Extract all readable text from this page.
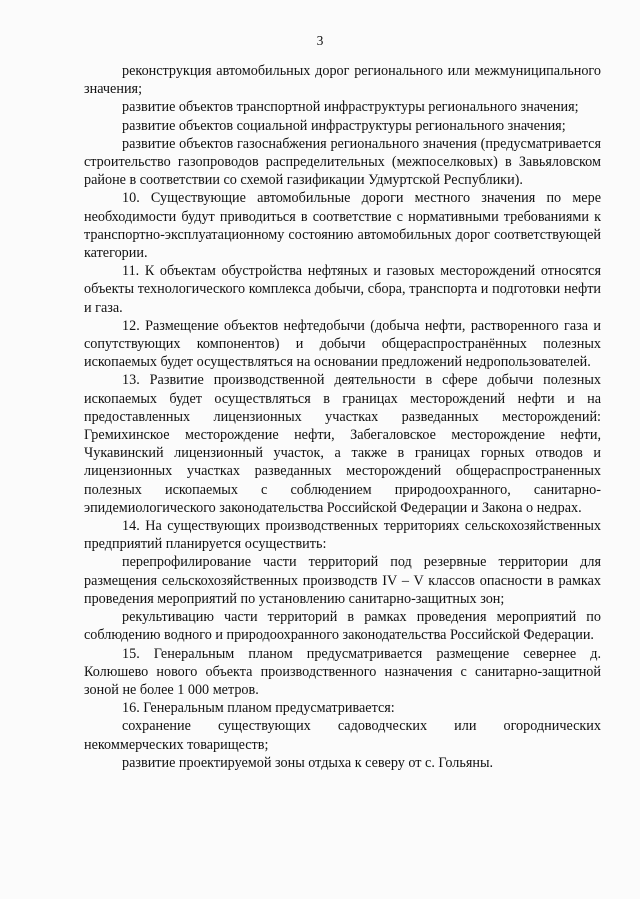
3

реконструкция автомобильных дорог регионального или межмуниципального значения;

развитие объектов транспортной инфраструктуры регионального значения;

развитие объектов социальной инфраструктуры регионального значения;

развитие объектов газоснабжения регионального значения (предусматривается строительство газопроводов распределительных (межпоселковых) в Завьяловском районе в соответствии со схемой газификации Удмуртской Республики).

10. Существующие автомобильные дороги местного значения по мере необходимости будут приводиться в соответствие с нормативными требованиями к транспортно-эксплуатационному состоянию автомобильных дорог соответствующей категории.

11. К объектам обустройства нефтяных и газовых месторождений относятся объекты технологического комплекса добычи, сбора, транспорта и подготовки нефти и газа.

12. Размещение объектов нефтедобычи (добыча нефти, растворенного газа и сопутствующих компонентов) и добычи общераспространённых полезных ископаемых будет осуществляться на основании предложений недропользователей.

13. Развитие производственной деятельности в сфере добычи полезных ископаемых будет осуществляться в границах месторождений нефти и на предоставленных лицензионных участках разведанных месторождений: Гремихинское месторождение нефти, Забегаловское месторождение нефти, Чукавинский лицензионный участок, а также в границах горных отводов и лицензионных участках разведанных месторождений общераспространенных полезных ископаемых с соблюдением природоохранного, санитарно-эпидемиологического законодательства Российской Федерации и Закона о недрах.

14. На существующих производственных территориях сельскохозяйственных предприятий планируется осуществить:

перепрофилирование части территорий под резервные территории для размещения сельскохозяйственных производств IV – V классов опасности в рамках проведения мероприятий по установлению санитарно-защитных зон;

рекультивацию части территорий в рамках проведения мероприятий по соблюдению водного и природоохранного законодательства Российской Федерации.

15. Генеральным планом предусматривается размещение севернее д. Колюшево нового объекта производственного назначения с санитарно-защитной зоной не более 1 000 метров.

16. Генеральным планом предусматривается:

сохранение существующих садоводческих или огороднических некоммерческих товариществ;

развитие проектируемой зоны отдыха к северу от с. Гольяны.
